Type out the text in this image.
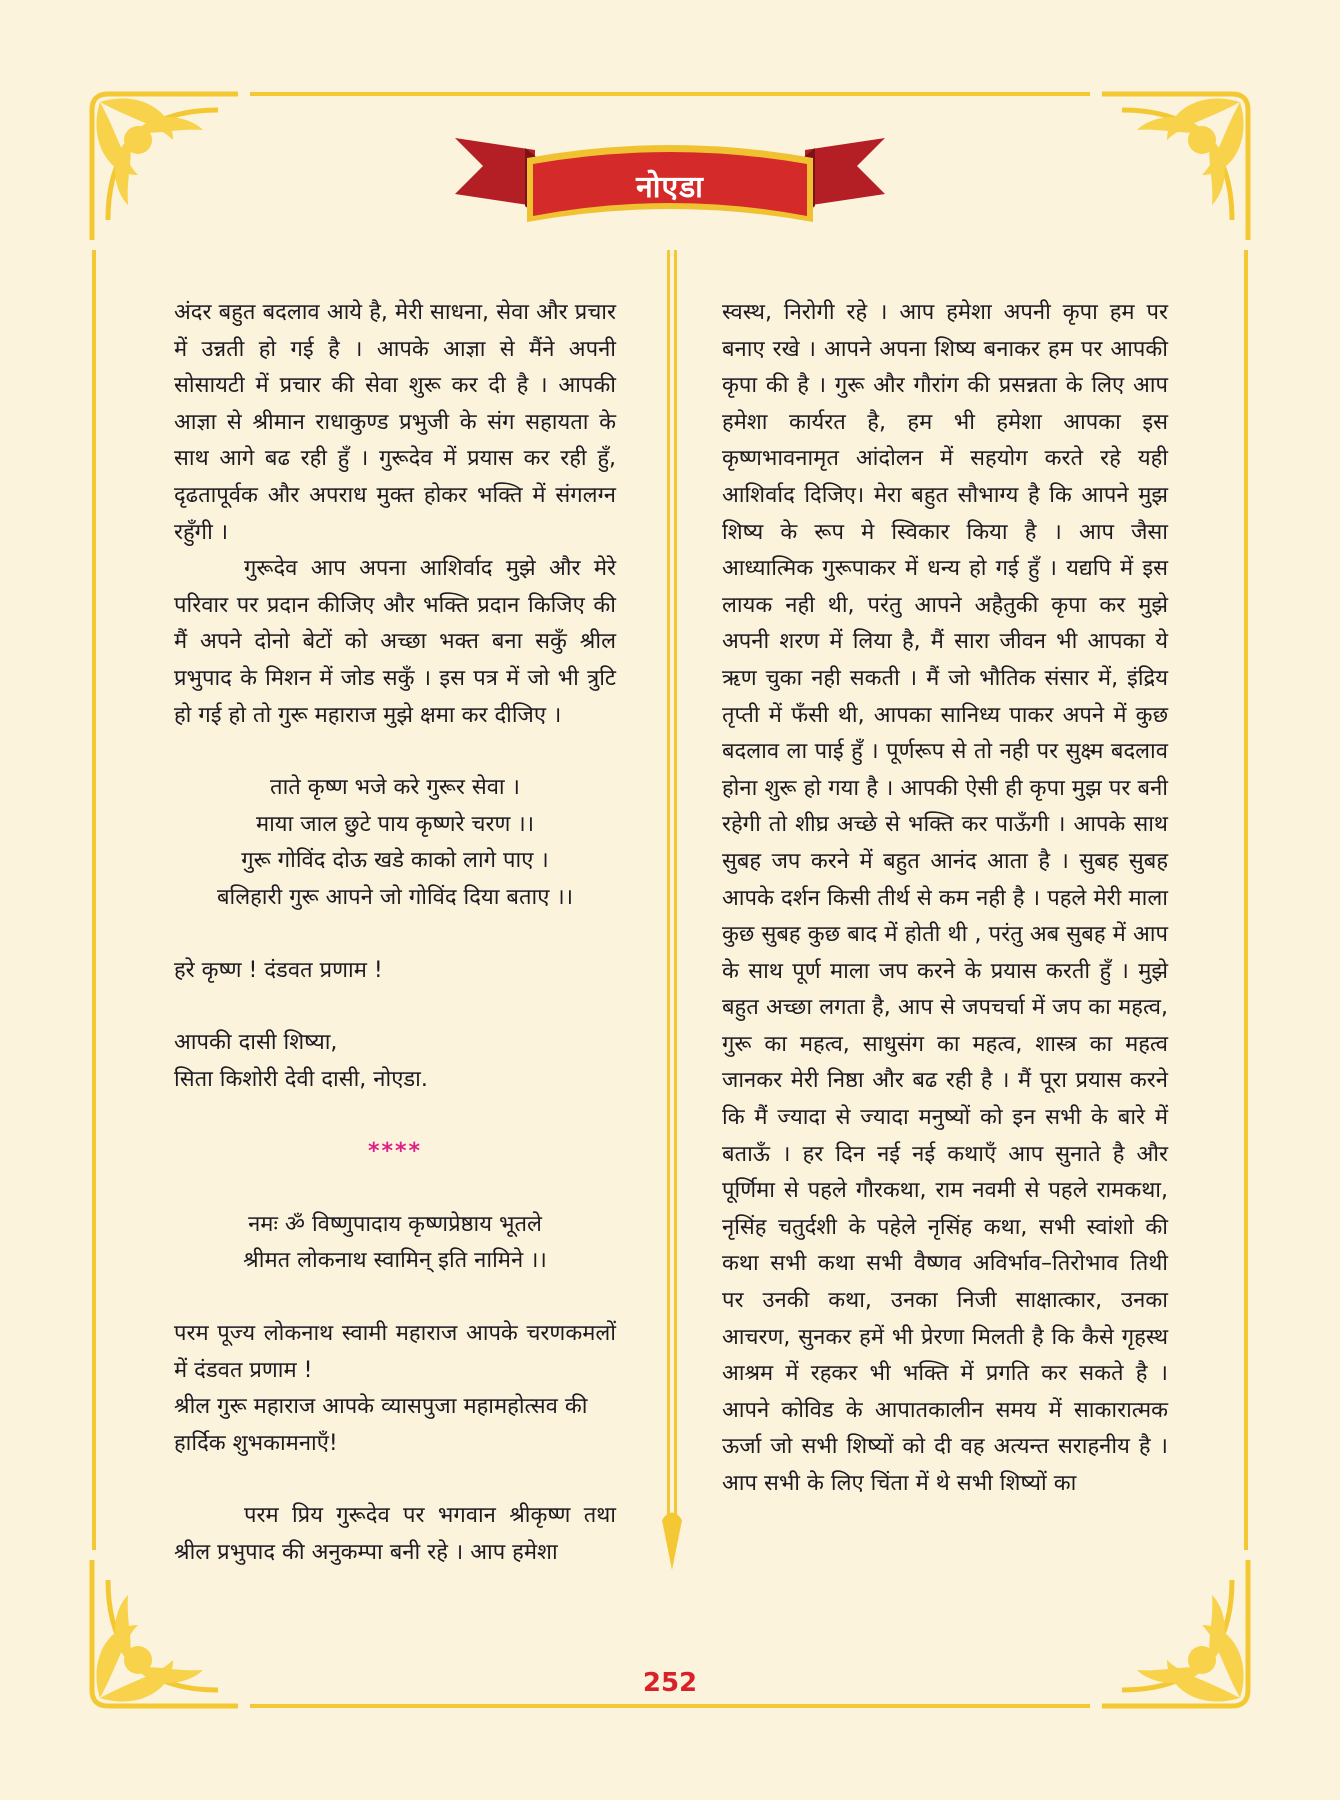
नोएडा

अंदर बहुत बदलाव आये है, मेरी साधना, सेवा और प्रचार में उन्नती हो गई है । आपके आज्ञा से मैंने अपनी सोसायटी में प्रचार की सेवा शुरू कर दी है । आपकी आज्ञा से श्रीमान राधाकुण्ड प्रभुजी के संग सहायता के साथ आगे बढ रही हुँ । गुरूदेव में प्रयास कर रही हुँ, दृढतापूर्वक और अपराध मुक्त होकर भक्ति में संगलग्न रहुँगी ।

गुरूदेव आप अपना आशिर्वाद मुझे और मेरे परिवार पर प्रदान कीजिए और भक्ति प्रदान किजिए की मैं अपने दोनो बेटों को अच्छा भक्त बना सकुँ श्रील प्रभुपाद के मिशन में जोड सकुँ । इस पत्र में जो भी त्रुटि हो गई हो तो गुरू महाराज मुझे क्षमा कर दीजिए ।

ताते कृष्ण भजे करे गुरूर सेवा ।

माया जाल छुटे पाय कृष्णरे चरण ।।

गुरू गोविंद दोऊ खडे काको लागे पाए ।

बलिहारी गुरू आपने जो गोविंद दिया बताए ।।

हरे कृष्ण ! दंडवत प्रणाम !

आपकी दासी शिष्या,

सिता किशोरी देवी दासी, नोएडा.

****

नमः ॐ विष्णुपादाय कृष्णप्रेष्ठाय भूतले

श्रीमत लोकनाथ स्वामिन् इति नामिने ।।

परम पूज्य लोकनाथ स्वामी महाराज आपके चरणकमलों में दंडवत प्रणाम !

श्रील गुरू महाराज आपके व्यासपुजा महामहोत्सव की हार्दिक शुभकामनाएँ!

परम प्रिय गुरूदेव पर भगवान श्रीकृष्ण तथा श्रील प्रभुपाद की अनुकम्पा बनी रहे । आप हमेशा

स्वस्थ, निरोगी रहे । आप हमेशा अपनी कृपा हम पर बनाए रखे । आपने अपना शिष्य बनाकर हम पर आपकी कृपा की है । गुरू और गौरांग की प्रसन्नता के लिए आप हमेशा कार्यरत है, हम भी हमेशा आपका इस कृष्णभावनामृत आंदोलन में सहयोग करते रहे यही आशिर्वाद दिजिए। मेरा बहुत सौभाग्य है कि आपने मुझ शिष्य के रूप मे स्विकार किया है । आप जैसा आध्यात्मिक गुरूपाकर में धन्य हो गई हुँ । यद्यपि में इस लायक नही थी, परंतु आपने अहैतुकी कृपा कर मुझे अपनी शरण में लिया है, मैं सारा जीवन भी आपका ये ऋण चुका नही सकती । मैं जो भौतिक संसार में, इंद्रिय तृप्ती में फँसी थी, आपका सानिध्य पाकर अपने में कुछ बदलाव ला पाई हुँ । पूर्णरूप से तो नही पर सुक्ष्म बदलाव होना शुरू हो गया है । आपकी ऐसी ही कृपा मुझ पर बनी रहेगी तो शीघ्र अच्छे से भक्ति कर पाऊँगी । आपके साथ सुबह जप करने में बहुत आनंद आता है । सुबह सुबह आपके दर्शन किसी तीर्थ से कम नही है । पहले मेरी माला कुछ सुबह कुछ बाद में होती थी , परंतु अब सुबह में आप के साथ पूर्ण माला जप करने के प्रयास करती हुँ । मुझे बहुत अच्छा लगता है, आप से जपचर्चा में जप का महत्व, गुरू का महत्व, साधुसंग का महत्व, शास्त्र का महत्व जानकर मेरी निष्ठा और बढ रही है । मैं पूरा प्रयास करने कि मैं ज्यादा से ज्यादा मनुष्यों को इन सभी के बारे में बताऊँ । हर दिन नई नई कथाएँ आप सुनाते है और पूर्णिमा से पहले गौरकथा, राम नवमी से पहले रामकथा, नृसिंह चतुर्दशी के पहेले नृसिंह कथा, सभी स्वांशो की कथा सभी कथा सभी वैष्णव अविर्भाव–तिरोभाव तिथी पर उनकी कथा, उनका निजी साक्षात्कार, उनका आचरण, सुनकर हमें भी प्रेरणा मिलती है कि कैसे गृहस्थ आश्रम में रहकर भी भक्ति में प्रगति कर सकते है । आपने कोविड के आपातकालीन समय में साकारात्मक ऊर्जा जो सभी शिष्यों को दी वह अत्यन्त सराहनीय है । आप सभी के लिए चिंता में थे सभी शिष्यों का

252
